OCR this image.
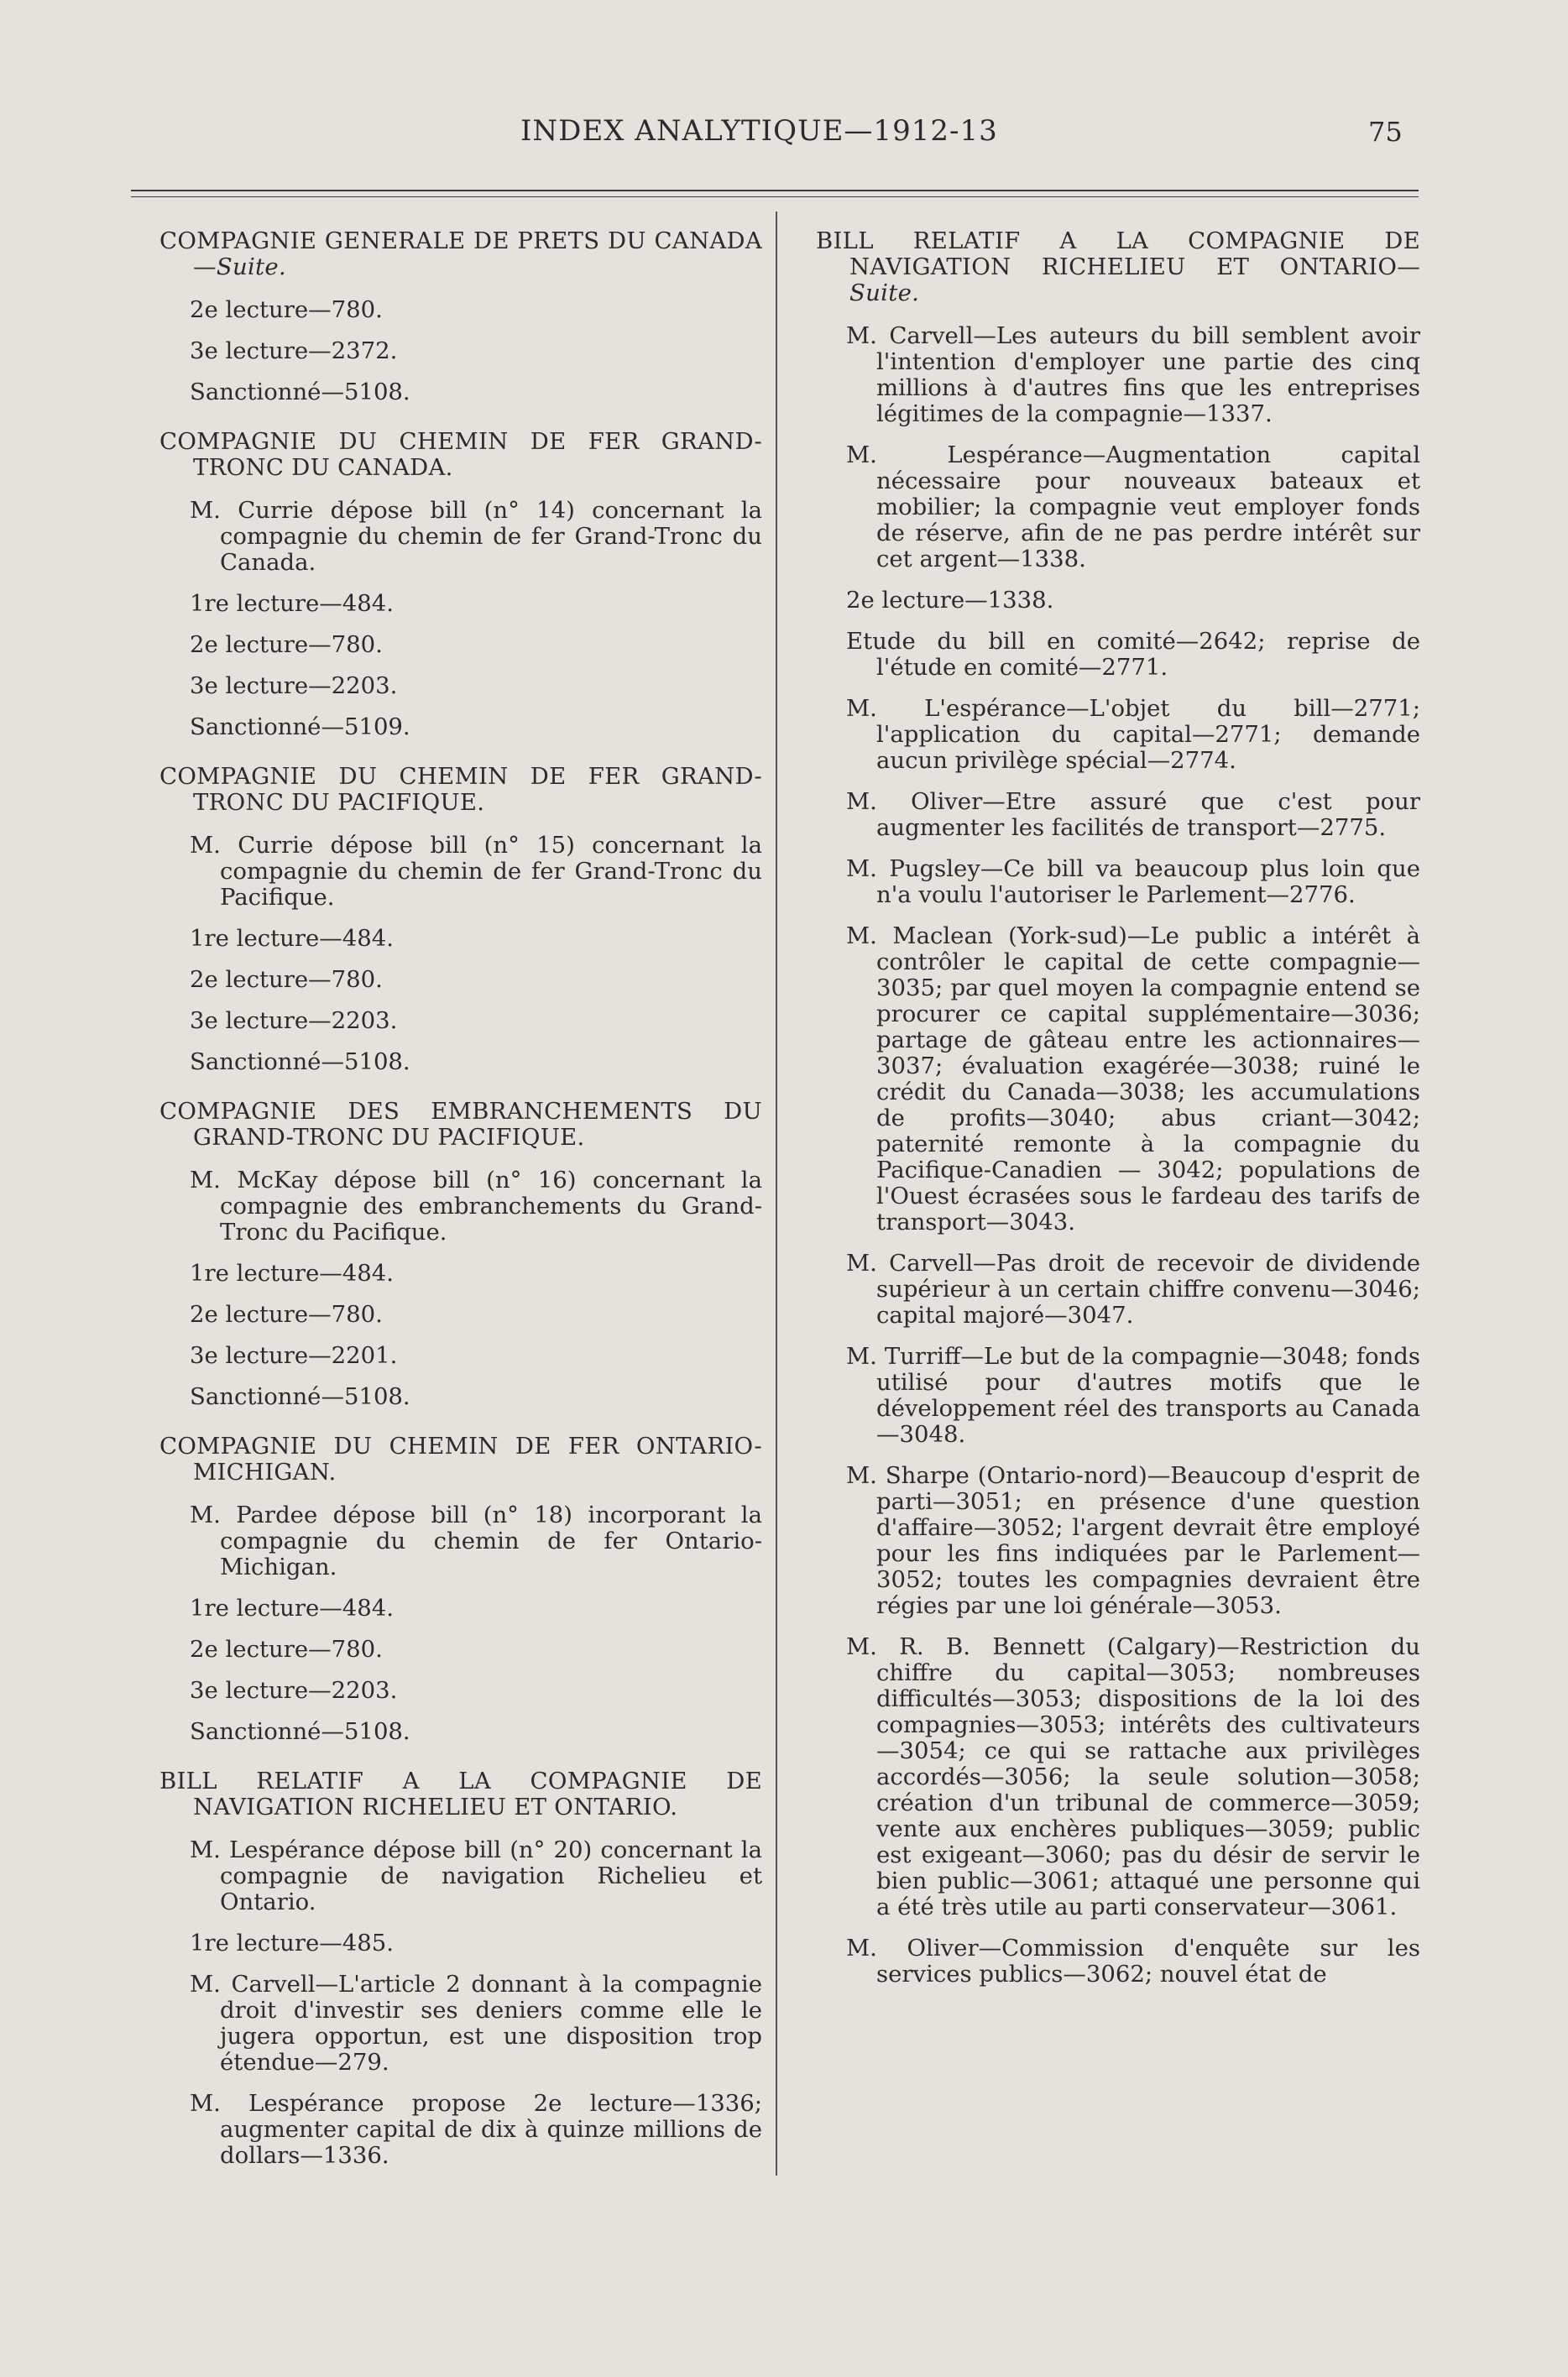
INDEX ANALYTIQUE—1912-13	75

COMPAGNIE GENERALE DE PRETS DU CANADA—Suite.

2e lecture—780.

3e lecture—2372.

Sanctionné—5108.

COMPAGNIE DU CHEMIN DE FER GRAND-TRONC DU CANADA.

M. Currie dépose bill (n° 14) concernant la compagnie du chemin de fer Grand-Tronc du Canada.

1re lecture—484.

2e lecture—780.

3e lecture—2203.

Sanctionné—5109.

COMPAGNIE DU CHEMIN DE FER GRAND-TRONC DU PACIFIQUE.

M. Currie dépose bill (n° 15) concernant la compagnie du chemin de fer Grand-Tronc du Pacifique.

1re lecture—484.

2e lecture—780.

3e lecture—2203.

Sanctionné—5108.

COMPAGNIE DES EMBRANCHEMENTS DU GRAND-TRONC DU PACIFIQUE.

M. McKay dépose bill (n° 16) concernant la compagnie des embranchements du Grand-Tronc du Pacifique.

1re lecture—484.

2e lecture—780.

3e lecture—2201.

Sanctionné—5108.

COMPAGNIE DU CHEMIN DE FER ONTARIO-MICHIGAN.

M. Pardee dépose bill (n° 18) incorporant la compagnie du chemin de fer Ontario-Michigan.

1re lecture—484.

2e lecture—780.

3e lecture—2203.

Sanctionné—5108.

BILL RELATIF A LA COMPAGNIE DE NAVIGATION RICHELIEU ET ONTARIO.

M. Lespérance dépose bill (n° 20) concernant la compagnie de navigation Richelieu et Ontario.

1re lecture—485.

M. Carvell—L'article 2 donnant à la compagnie droit d'investir ses deniers comme elle le jugera opportun, est une disposition trop étendue—279.

M. Lespérance propose 2e lecture—1336; augmenter capital de dix à quinze millions de dollars—1336.

BILL RELATIF A LA COMPAGNIE DE NAVIGATION RICHELIEU ET ONTARIO—Suite.

M. Carvell—Les auteurs du bill semblent avoir l'intention d'employer une partie des cinq millions à d'autres fins que les entreprises légitimes de la compagnie—1337.

M. Lespérance—Augmentation capital nécessaire pour nouveaux bateaux et mobilier; la compagnie veut employer fonds de réserve, afin de ne pas perdre intérêt sur cet argent—1338.

2e lecture—1338.

Etude du bill en comité—2642; reprise de l'étude en comité—2771.

M. L'espérance—L'objet du bill—2771; l'application du capital—2771; demande aucun privilège spécial—2774.

M. Oliver—Etre assuré que c'est pour augmenter les facilités de transport—2775.

M. Pugsley—Ce bill va beaucoup plus loin que n'a voulu l'autoriser le Parlement—2776.

M. Maclean (York-sud)—Le public a intérêt à contrôler le capital de cette compagnie—3035; par quel moyen la compagnie entend se procurer ce capital supplémentaire—3036; partage de gâteau entre les actionnaires—3037; évaluation exagérée—3038; ruiné le crédit du Canada—3038; les accumulations de profits—3040; abus criant—3042; paternité remonte à la compagnie du Pacifique-Canadien — 3042; populations de l'Ouest écrasées sous le fardeau des tarifs de transport—3043.

M. Carvell—Pas droit de recevoir de dividende supérieur à un certain chiffre convenu—3046; capital majoré—3047.

M. Turriff—Le but de la compagnie—3048; fonds utilisé pour d'autres motifs que le développement réel des transports au Canada—3048.

M. Sharpe (Ontario-nord)—Beaucoup d'esprit de parti—3051; en présence d'une question d'affaire—3052; l'argent devrait être employé pour les fins indiquées par le Parlement—3052; toutes les compagnies devraient être régies par une loi générale—3053.

M. R. B. Bennett (Calgary)—Restriction du chiffre du capital—3053; nombreuses difficultés—3053; dispositions de la loi des compagnies—3053; intérêts des cultivateurs—3054; ce qui se rattache aux privilèges accordés—3056; la seule solution—3058; création d'un tribunal de commerce—3059; vente aux enchères publiques—3059; public est exigeant—3060; pas du désir de servir le bien public—3061; attaqué une personne qui a été très utile au parti conservateur—3061.

M. Oliver—Commission d'enquête sur les services publics—3062; nouvel état de
